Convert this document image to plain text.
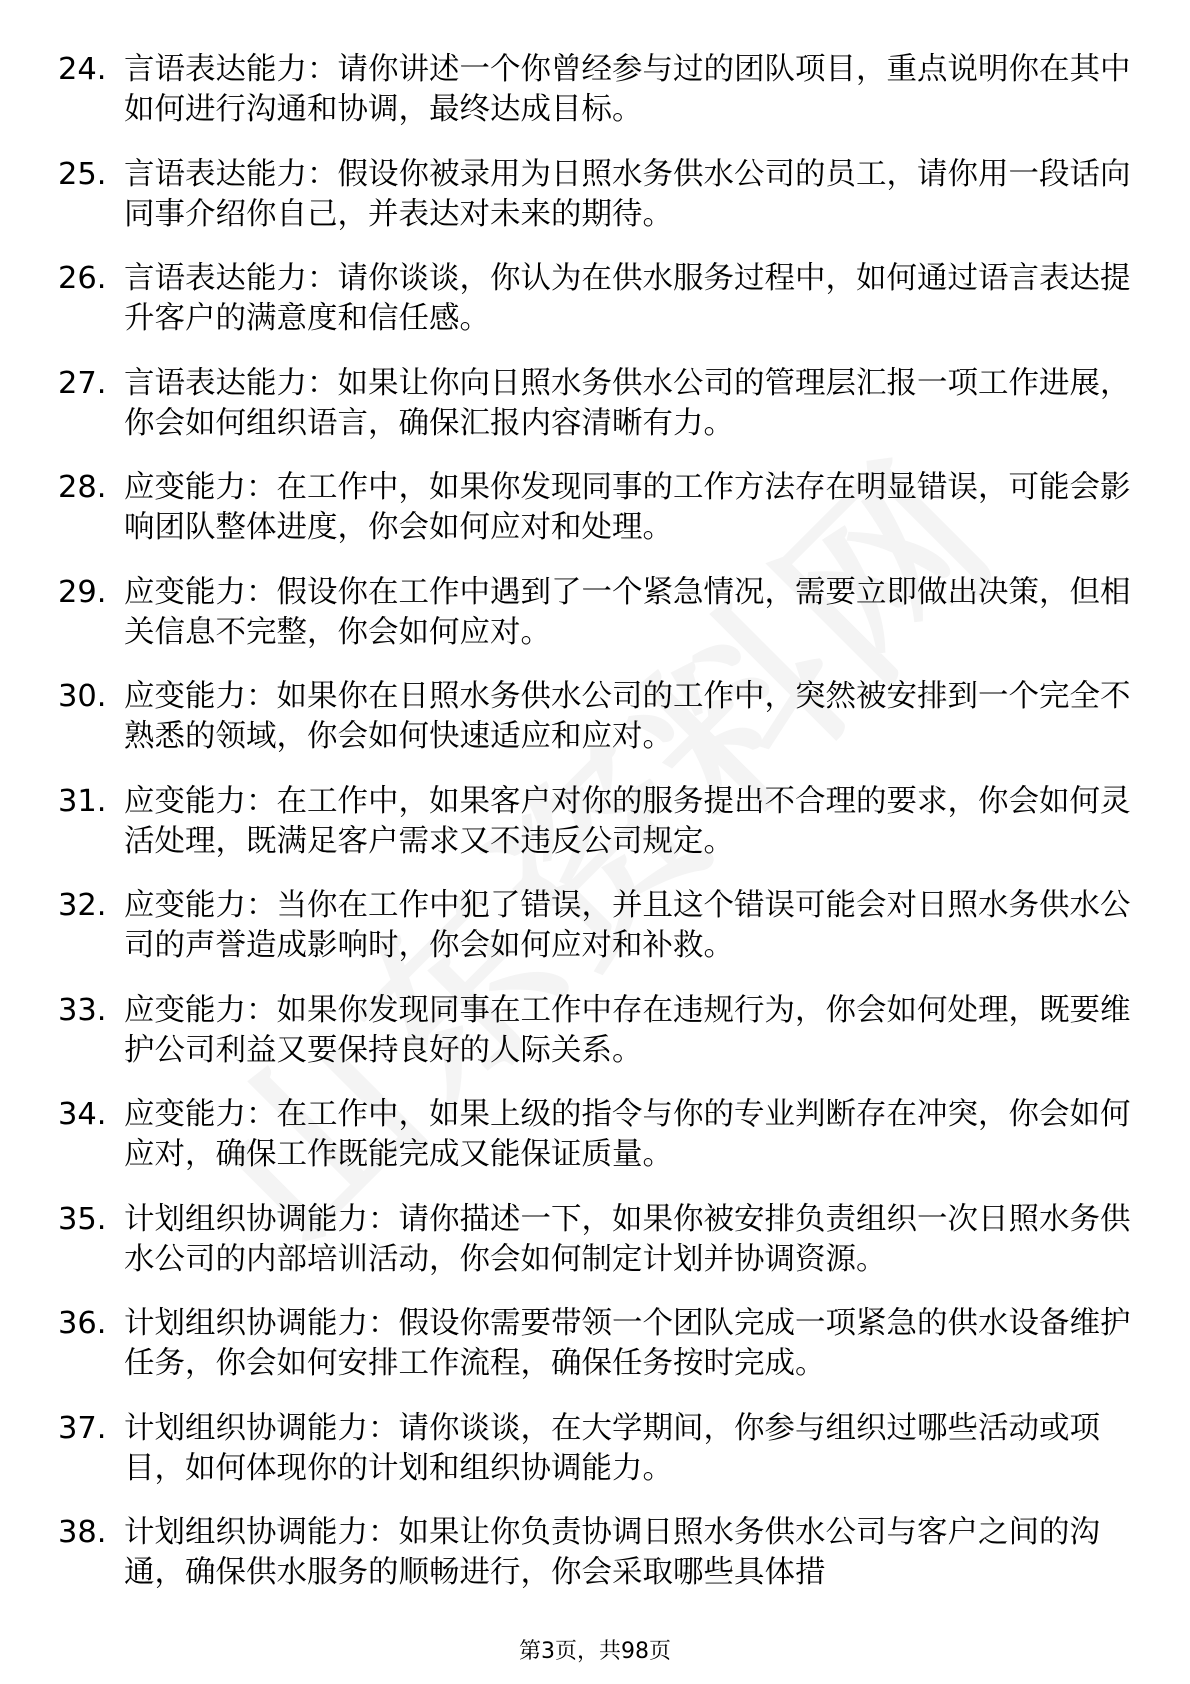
24. 言语表达能力：请你讲述一个你曾经参与过的团队项目，重点说明你在其中如何进行沟通和协调，最终达成目标。
25. 言语表达能力：假设你被录用为日照水务供水公司的员工，请你用一段话向同事介绍你自己，并表达对未来的期待。
26. 言语表达能力：请你谈谈，你认为在供水服务过程中，如何通过语言表达提升客户的满意度和信任感。
27. 言语表达能力：如果让你向日照水务供水公司的管理层汇报一项工作进展，你会如何组织语言，确保汇报内容清晰有力。
28. 应变能力：在工作中，如果你发现同事的工作方法存在明显错误，可能会影响团队整体进度，你会如何应对和处理。
29. 应变能力：假设你在工作中遇到了一个紧急情况，需要立即做出决策，但相关信息不完整，你会如何应对。
30. 应变能力：如果你在日照水务供水公司的工作中，突然被安排到一个完全不熟悉的领域，你会如何快速适应和应对。
31. 应变能力：在工作中，如果客户对你的服务提出不合理的要求，你会如何灵活处理，既满足客户需求又不违反公司规定。
32. 应变能力：当你在工作中犯了错误，并且这个错误可能会对日照水务供水公司的声誉造成影响时，你会如何应对和补救。
33. 应变能力：如果你发现同事在工作中存在违规行为，你会如何处理，既要维护公司利益又要保持良好的人际关系。
34. 应变能力：在工作中，如果上级的指令与你的专业判断存在冲突，你会如何应对，确保工作既能完成又能保证质量。
35. 计划组织协调能力：请你描述一下，如果你被安排负责组织一次日照水务供水公司的内部培训活动，你会如何制定计划并协调资源。
36. 计划组织协调能力：假设你需要带领一个团队完成一项紧急的供水设备维护任务，你会如何安排工作流程，确保任务按时完成。
37. 计划组织协调能力：请你谈谈，在大学期间，你参与组织过哪些活动或项目，如何体现你的计划和组织协调能力。
38. 计划组织协调能力：如果让你负责协调日照水务供水公司与客户之间的沟通，确保供水服务的顺畅进行，你会采取哪些具体措
第3页，共98页
